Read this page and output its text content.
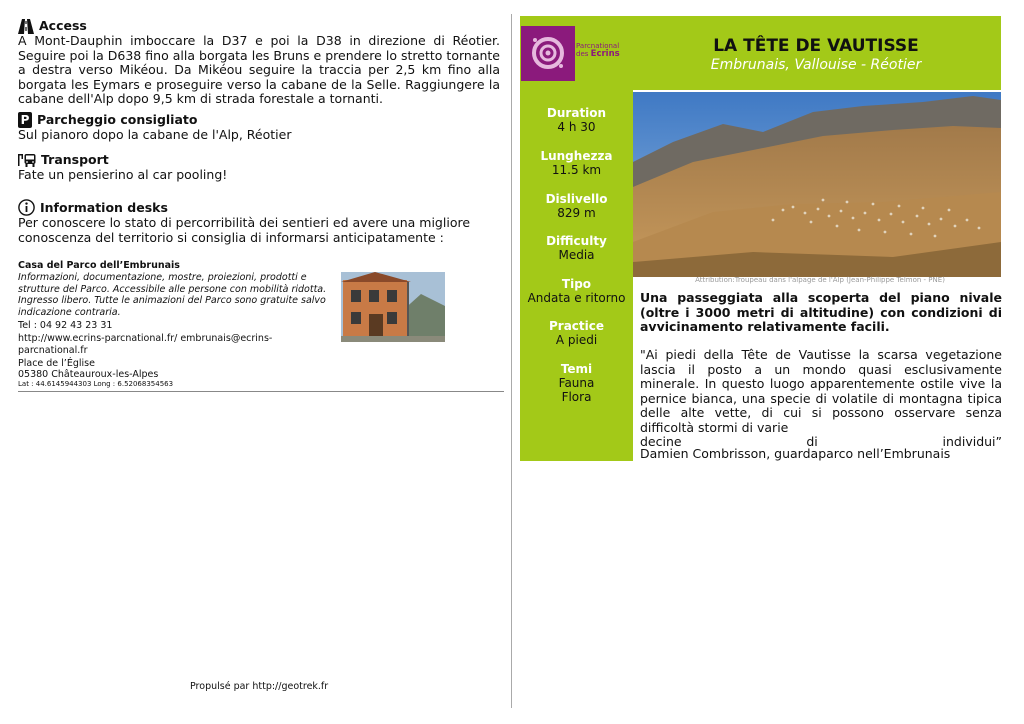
Access
A Mont-Dauphin imboccare la D37 e poi la D38 in direzione di Réotier. Seguire poi la D638 fino alla borgata les Bruns e prendere lo stretto tornante a destra verso Mikéou. Da Mikéou seguire la traccia per 2,5 km fino alla borgata les Eymars e proseguire verso la cabane de la Selle. Raggiungere la cabane dell'Alp dopo 9,5 km di strada forestale a tornanti.
P Parcheggio consigliato
Sul pianoro dopo la cabane de l'Alp, Réotier
Transport
Fate un pensierino al car pooling!
Information desks
Per conoscere lo stato di percorribilità dei sentieri ed avere una migliore conoscenza del territorio si consiglia di informarsi anticipatamente :
Casa del Parco dell’Embrunais
Informazioni, documentazione, mostre, proiezioni, prodotti e strutture del Parco. Accessibile alle persone con mobilità ridotta. Ingresso libero. Tutte le animazioni del Parco sono gratuite salvo indicazione contraria.
Tel : 04 92 43 23 31
http://www.ecrins-parcnational.fr/ embrunais@ecrins-parcnational.fr
Place de l’Église
05380 Châteauroux-les-Alpes
Lat : 44.6145944303 Long : 6.52068354563
Propulsé par http://geotrek.fr
Parcnational
des Ecrins	LA TÊTE DE VAUTISSE
Embrunais, Vallouise - Réotier
Duration
4 h 30
Lunghezza
11.5 km
Dislivello
829 m
Difficulty
Media
Tipo
Andata e ritorno
Practice
A piedi
Temi
Fauna
Flora
Attribution:Troupeau dans l'alpage de l'Alp (Jean-Philippe Telmon - PNE)
Una passeggiata alla scoperta del piano nivale (oltre i 3000 metri di altitudine) con condizioni di avvicinamento relativamente facili.
"Ai piedi della Tête de Vautisse la scarsa vegetazione lascia il posto a un mondo quasi esclusivamente minerale. In questo luogo apparentemente ostile vive la pernice bianca, una specie di volatile di montagna tipica delle alte vette, di cui si possono osservare senza difficoltà stormi di varie
decine di individui”
Damien Combrisson, guardaparco nell’Embrunais
